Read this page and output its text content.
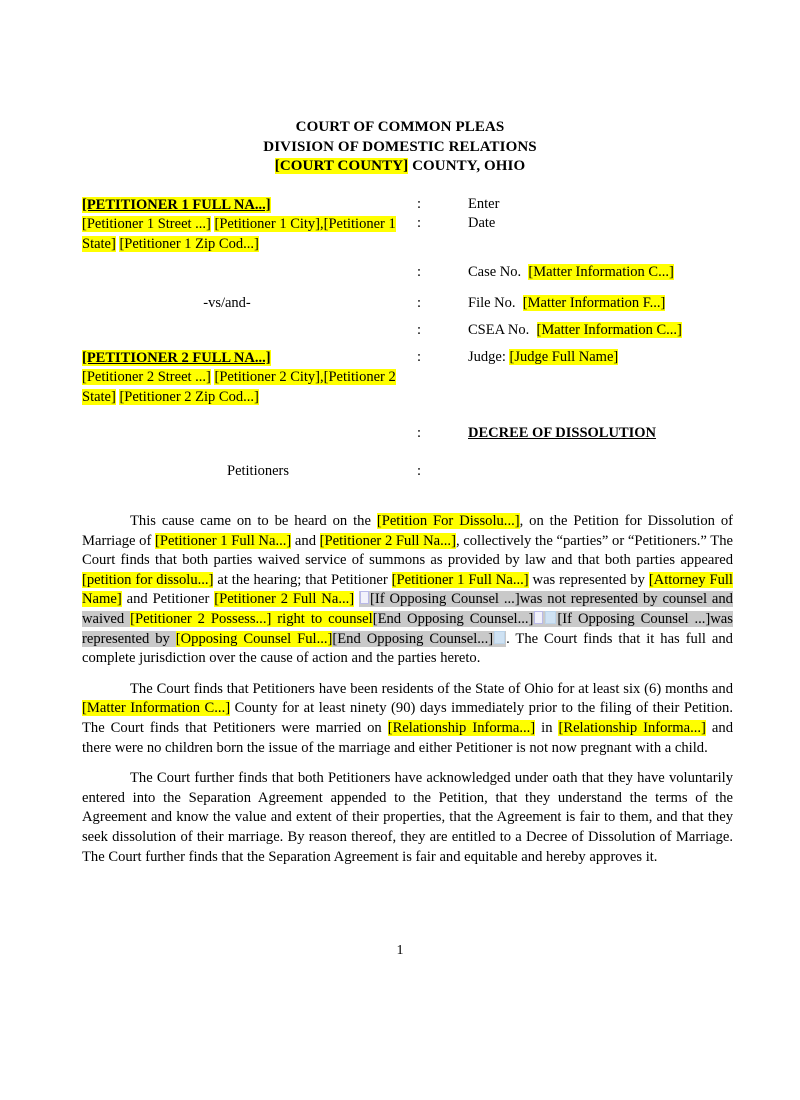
COURT OF COMMON PLEAS
DIVISION OF DOMESTIC RELATIONS
[COURT COUNTY] COUNTY, OHIO
[PETITIONER 1 FULL NA...]	:	Enter
[Petitioner 1 Street ...] [Petitioner 1 City],[Petitioner 1 State] [Petitioner 1 Zip Cod...]
:	Date
:	Case No. [Matter Information C...]
-vs/and-	:	File No. [Matter Information F...]
:	CSEA No. [Matter Information C...]
[PETITIONER 2 FULL NA...]	:	Judge: [Judge Full Name]
[Petitioner 2 Street ...] [Petitioner 2 City],[Petitioner 2 State] [Petitioner 2 Zip Cod...]
:	DECREE OF DISSOLUTION
Petitioners	:

This cause came on to be heard on the [Petition For Dissolu...], on the Petition for Dissolution of Marriage of [Petitioner 1 Full Na...] and [Petitioner 2 Full Na...], collectively the “parties” or “Petitioners.” The Court finds that both parties waived service of summons as provided by law and that both parties appeared [petition for dissolu...] at the hearing; that Petitioner [Petitioner 1 Full Na...] was represented by [Attorney Full Name] and Petitioner [Petitioner 2 Full Na...] [If Opposing Counsel ...]was not represented by counsel and waived [Petitioner 2 Possess...] right to counsel[End Opposing Counsel...] [If Opposing Counsel ...]was represented by [Opposing Counsel Ful...][End Opposing Counsel...] . The Court finds that it has full and complete jurisdiction over the cause of action and the parties hereto.

The Court finds that Petitioners have been residents of the State of Ohio for at least six (6) months and [Matter Information C...] County for at least ninety (90) days immediately prior to the filing of their Petition. The Court finds that Petitioners were married on [Relationship Informa...] in [Relationship Informa...] and there were no children born the issue of the marriage and either Petitioner is not now pregnant with a child.

The Court further finds that both Petitioners have acknowledged under oath that they have voluntarily entered into the Separation Agreement appended to the Petition, that they understand the terms of the Agreement and know the value and extent of their properties, that the Agreement is fair to them, and that they seek dissolution of their marriage. By reason thereof, they are entitled to a Decree of Dissolution of Marriage. The Court further finds that the Separation Agreement is fair and equitable and hereby approves it.

1
